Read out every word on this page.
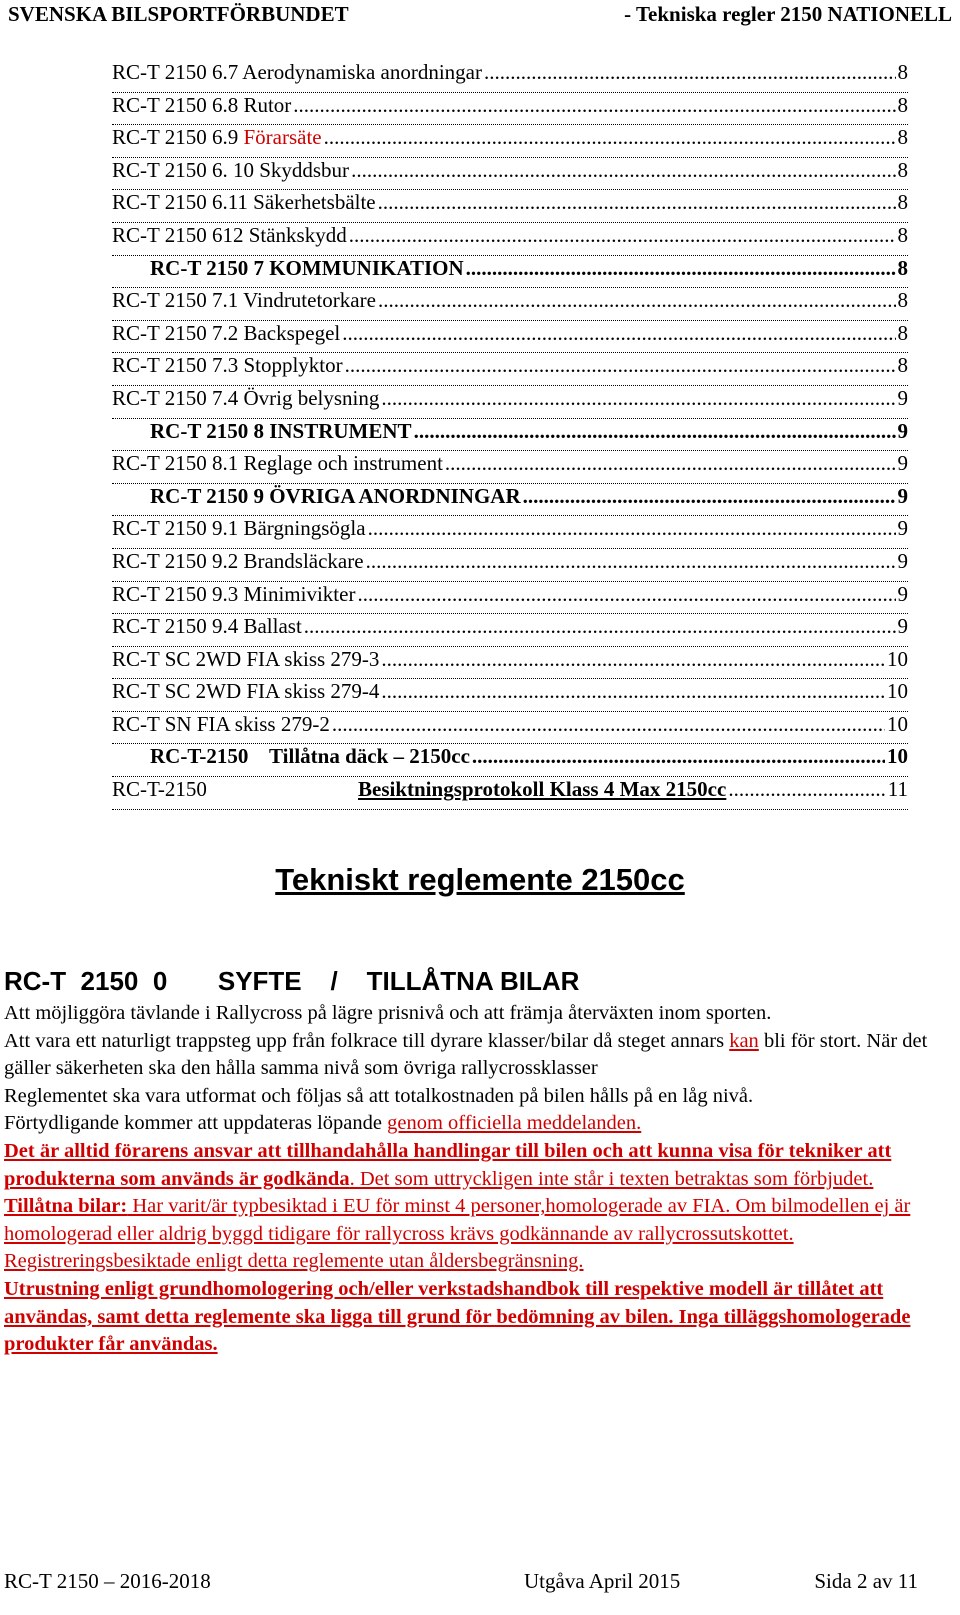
SVENSKA BILSPORTFÖRBUNDET	- Tekniska regler 2150 NATIONELL
RC-T 2150 6.7 Aerodynamiska anordningar .....	8
RC-T 2150 6.8 Rutor .....	8
RC-T 2150 6.9 Förarsäte .....	8
RC-T 2150 6. 10 Skyddsbur .....	8
RC-T 2150 6.11 Säkerhetsbälte .....	8
RC-T 2150 612 Stänkskydd .....	8
RC-T 2150 7 KOMMUNIKATION .....	8
RC-T 2150 7.1 Vindrutetorkare .....	8
RC-T 2150 7.2 Backspegel .....	8
RC-T 2150 7.3 Stopplyktor .....	8
RC-T 2150 7.4 Övrig belysning .....	9
RC-T 2150 8 INSTRUMENT .....	9
RC-T 2150 8.1 Reglage och instrument .....	9
RC-T 2150 9 ÖVRIGA ANORDNINGAR .....	9
RC-T 2150 9.1 Bärgningsögla .....	9
RC-T 2150 9.2 Brandsläckare .....	9
RC-T 2150 9.3 Minimivikter .....	9
RC-T 2150 9.4 Ballast .....	9
RC-T SC 2WD FIA skiss 279-3 .....	10
RC-T SC 2WD FIA skiss 279-4 .....	10
RC-T SN FIA skiss 279-2 .....	10
RC-T-2150    Tillåtna däck – 2150cc .....	10
RC-T-2150	Besiktningsprotokoll Klass 4 Max 2150cc .....	11
Tekniskt reglemente 2150cc
RC-T  2150  0       SYFTE    /    TILLÅTNA BILAR

Att möjliggöra tävlande i Rallycross på lägre prisnivå och att främja återväxten inom sporten.

Att vara ett naturligt trappsteg upp från folkrace till dyrare klasser/bilar då steget annars kan bli för stort. När det gäller säkerheten ska den hålla samma nivå som övriga rallycrossklasser

Reglementet ska vara utformat och följas så att totalkostnaden på bilen hålls på en låg nivå.

Förtydligande kommer att uppdateras löpande genom officiella meddelanden.

Det är alltid förarens ansvar att tillhandahålla handlingar till bilen och att kunna visa för tekniker att produkterna som används är godkända. Det som uttryckligen inte står i texten betraktas som förbjudet.

Tillåtna bilar: Har varit/är typbesiktad i EU för minst 4 personer,homologerade av FIA. Om bilmodellen ej är homologerad eller aldrig byggd tidigare för rallycross krävs godkännande av rallycrossutskottet.

Registreringsbesiktade enligt detta reglemente utan åldersbegränsning.

Utrustning enligt grundhomologering och/eller verkstadshandbok till respektive modell är tillåtet att användas, samt detta reglemente ska ligga till grund för bedömning av bilen. Inga tilläggshomologerade produkter får användas.

RC-T 2150 – 2016-2018	Utgåva April 2015	Sida 2 av 11
